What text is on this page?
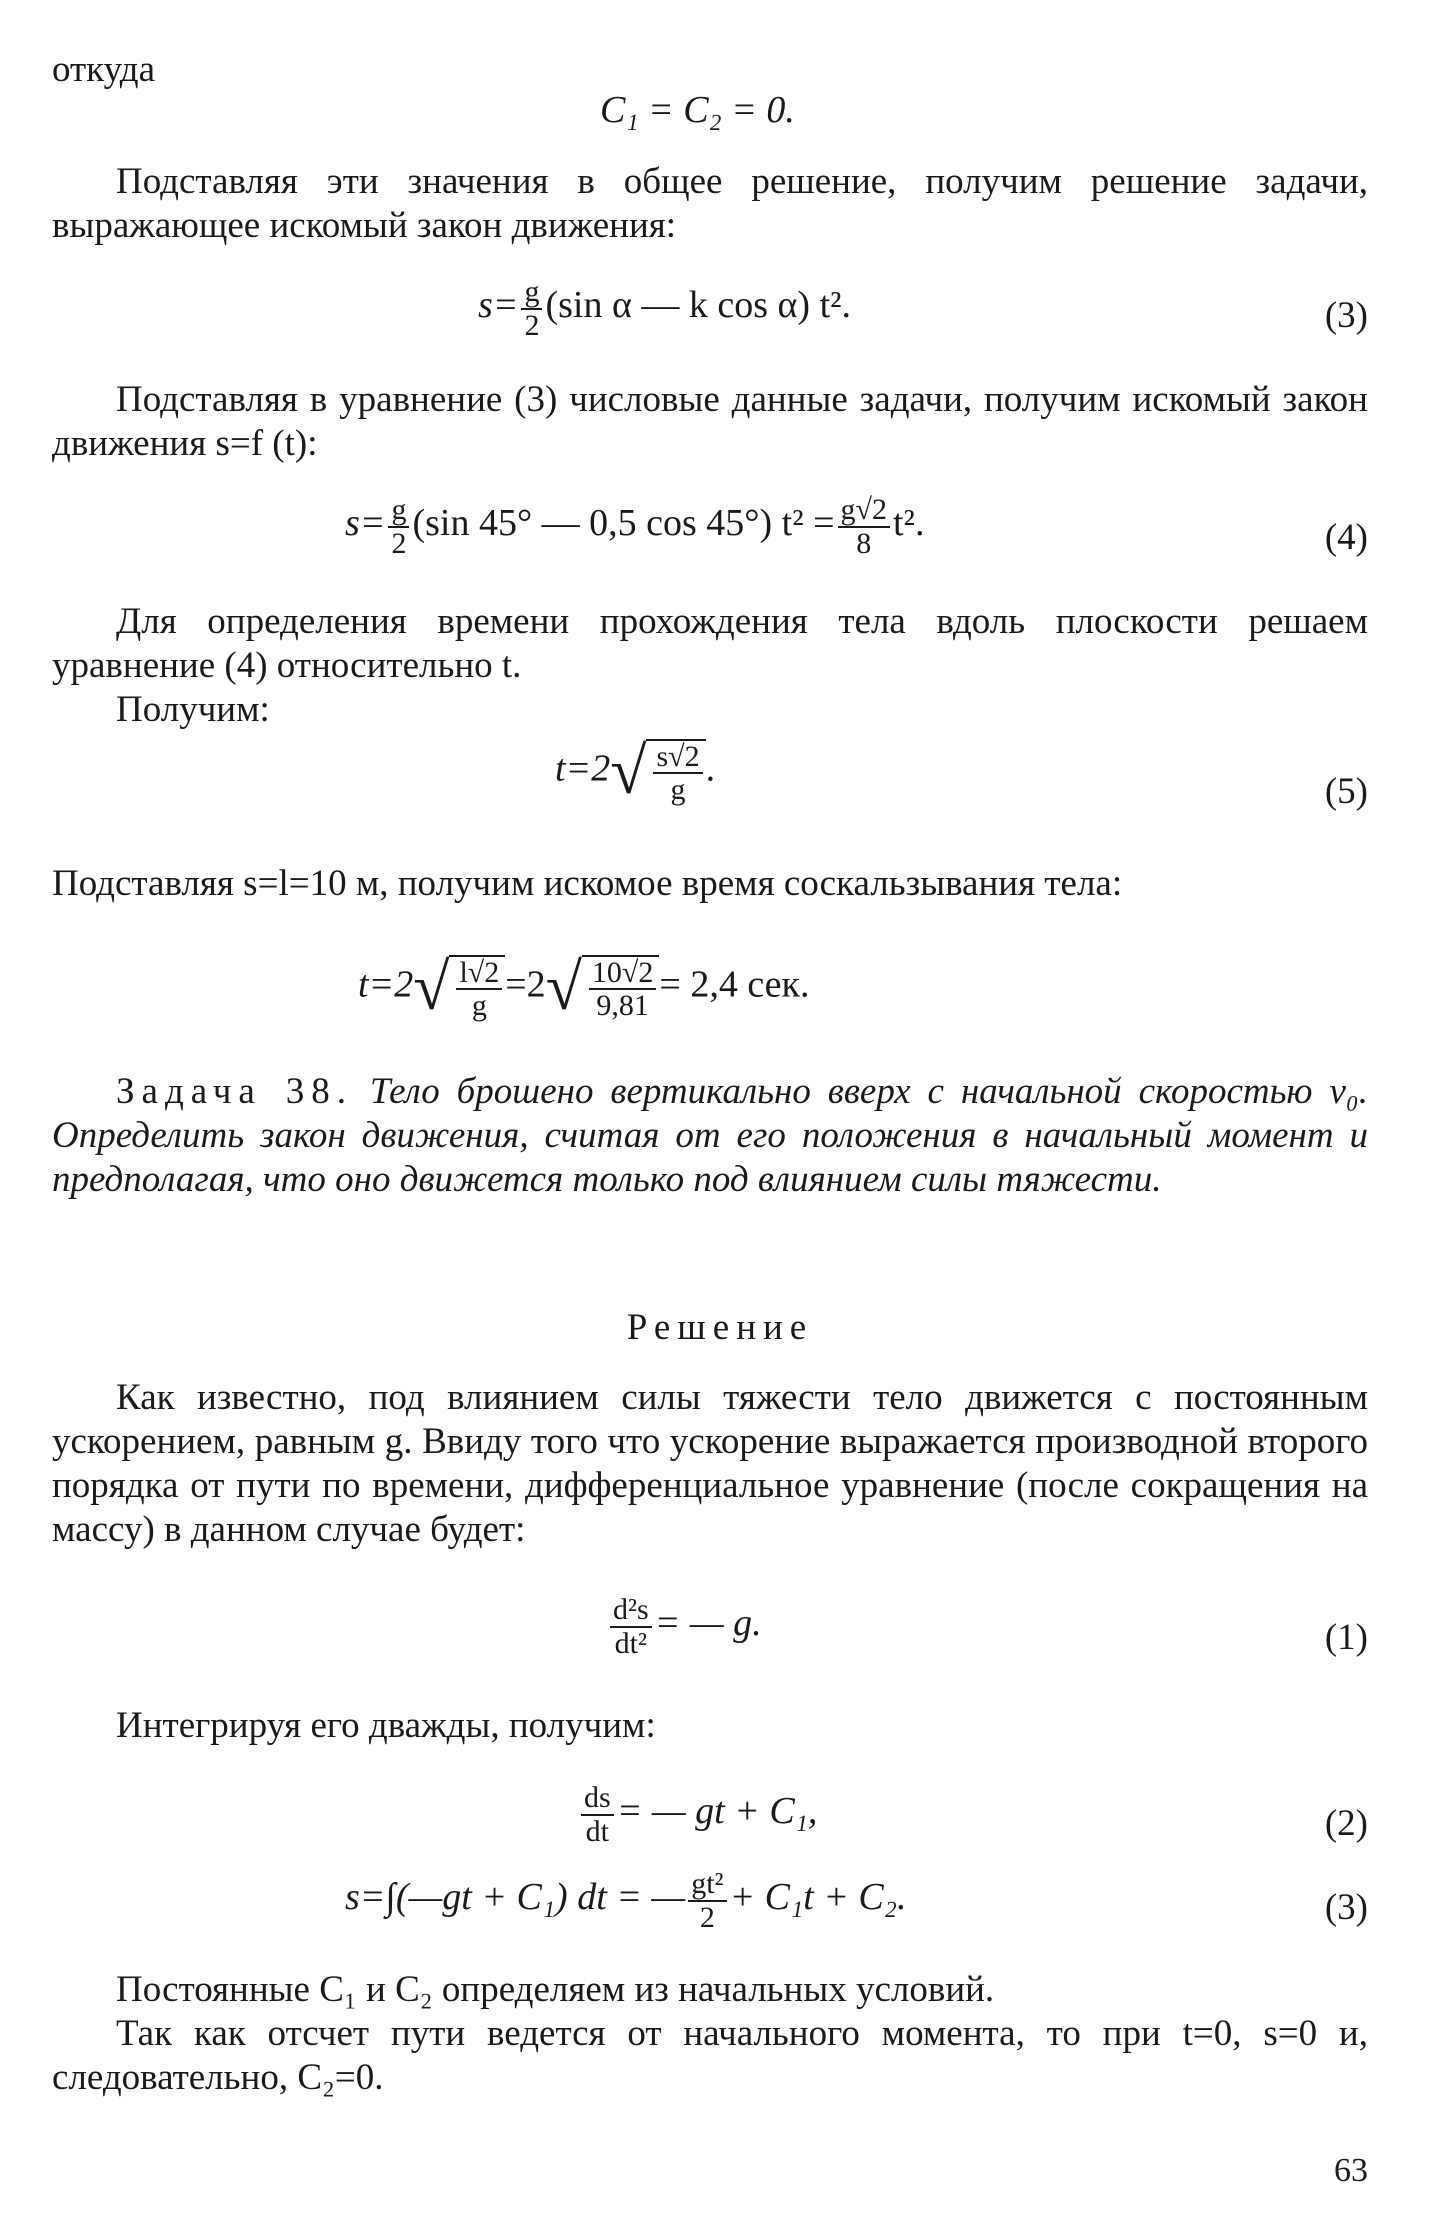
откуда

C₁ = C₂ = 0.

Подставляя эти значения в общее решение, получим решение задачи, выражающее искомый закон движения:

$s= \frac{g}{2} (\sin$ α — k cos α) t².	(3)

Подставляя в уравнение (3) числовые данные задачи, получим искомый закон движения s=f (t):

$s= \frac{g}{2} (\sin$ 45° — 0,5 cos 45°) $t^2 = \frac{g√2}{8} t^2$.	(4)

Для определения времени прохождения тела вдоль плоскости решаем уравнение (4) относительно t.

Получим:

$t=2√ \frac{s√2}{g}$ .
(5)

Подставляя s=l=10 м, получим искомое время соскальзывания тела:

$t=2√ \frac{l√2}{g} =2√ \frac{10√2}{9,81} = 2,4$ сек.

Задача 38. Тело брошено вертикально вверх с начальной скоростью v₀. Определить закон движения, считая от его положения в начальный момент и предполагая, что оно движется только под влиянием силы тяжести.

Решение

Как известно, под влиянием силы тяжести тело движется с постоянным ускорением, равным g. Ввиду того что ускорение выражается производной второго порядка от пути по времени, дифференциальное уравнение (после сокращения на массу) в данном случае будет:

$\frac{\text{d²s}}{\text{dt²}}$ = — g.	(1)

Интегрируя его дважды, получим:

$\frac{ds}{dt}$ = — gt + C₁,	(2)
s=∫(—gt + C₁) dt = — $\frac{\text{gt²}}{2} + C_1t + C_2$.	(3)

Постоянные C₁ и C₂ определяем из начальных условий.

Так как отсчет пути ведется от начального момента, то при t=0, s=0 и, следовательно, C₂=0.

63
